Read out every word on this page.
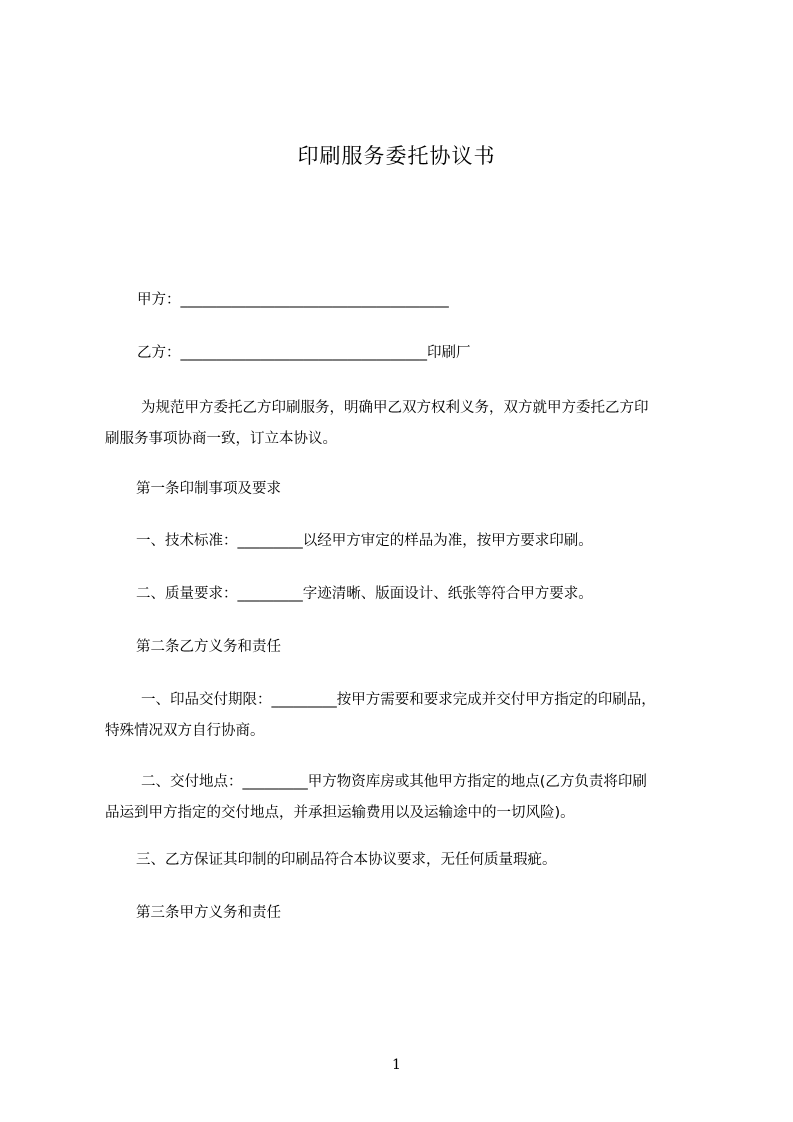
印刷服务委托协议书
甲方：_____________________________________
乙方：__________________________________印刷厂
为规范甲方委托乙方印刷服务，明确甲乙双方权利义务，双方就甲方委托乙方印
刷服务事项协商一致，订立本协议。
第一条印制事项及要求
一、技术标准：_________以经甲方审定的样品为准，按甲方要求印刷。
二、质量要求：_________字迹清晰、版面设计、纸张等符合甲方要求。
第二条乙方义务和责任
一、印品交付期限：_________按甲方需要和要求完成并交付甲方指定的印刷品，
特殊情况双方自行协商。
二、交付地点：_________甲方物资库房或其他甲方指定的地点(乙方负责将印刷
品运到甲方指定的交付地点，并承担运输费用以及运输途中的一切风险)。
三、乙方保证其印制的印刷品符合本协议要求，无任何质量瑕疵。
第三条甲方义务和责任
1
